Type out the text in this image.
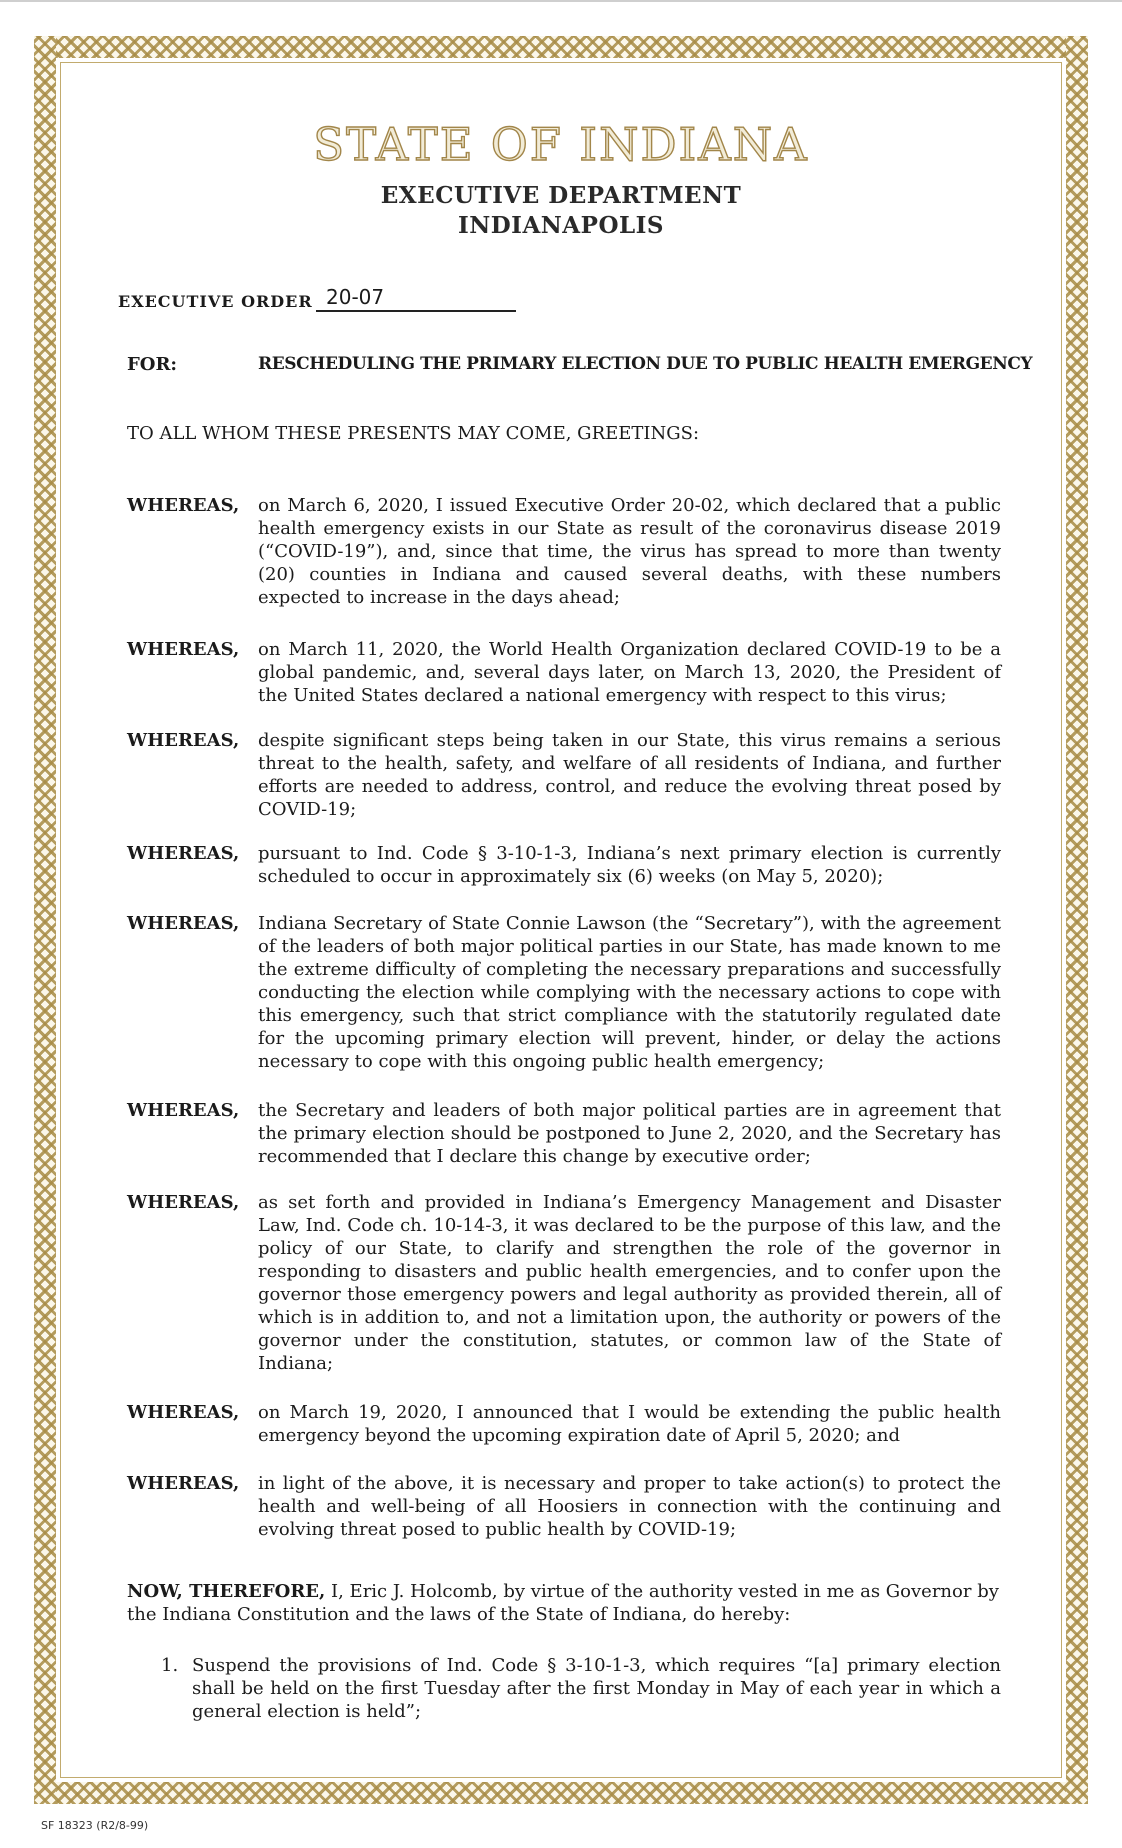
STATE OF INDIANA
EXECUTIVE DEPARTMENT
INDIANAPOLIS
EXECUTIVE ORDER 20-07
FOR:	RESCHEDULING THE PRIMARY ELECTION DUE TO PUBLIC HEALTH EMERGENCY
TO ALL WHOM THESE PRESENTS MAY COME, GREETINGS:
WHEREAS, on March 6, 2020, I issued Executive Order 20-02, which declared that a public health emergency exists in our State as result of the coronavirus disease 2019 (“COVID-19”), and, since that time, the virus has spread to more than twenty (20) counties in Indiana and caused several deaths, with these numbers expected to increase in the days ahead;
WHEREAS, on March 11, 2020, the World Health Organization declared COVID-19 to be a global pandemic, and, several days later, on March 13, 2020, the President of the United States declared a national emergency with respect to this virus;
WHEREAS, despite significant steps being taken in our State, this virus remains a serious threat to the health, safety, and welfare of all residents of Indiana, and further efforts are needed to address, control, and reduce the evolving threat posed by COVID-19;
WHEREAS, pursuant to Ind. Code § 3-10-1-3, Indiana’s next primary election is currently scheduled to occur in approximately six (6) weeks (on May 5, 2020);
WHEREAS, Indiana Secretary of State Connie Lawson (the “Secretary”), with the agreement of the leaders of both major political parties in our State, has made known to me the extreme difficulty of completing the necessary preparations and successfully conducting the election while complying with the necessary actions to cope with this emergency, such that strict compliance with the statutorily regulated date for the upcoming primary election will prevent, hinder, or delay the actions necessary to cope with this ongoing public health emergency;
WHEREAS, the Secretary and leaders of both major political parties are in agreement that the primary election should be postponed to June 2, 2020, and the Secretary has recommended that I declare this change by executive order;
WHEREAS, as set forth and provided in Indiana’s Emergency Management and Disaster Law, Ind. Code ch. 10-14-3, it was declared to be the purpose of this law, and the policy of our State, to clarify and strengthen the role of the governor in responding to disasters and public health emergencies, and to confer upon the governor those emergency powers and legal authority as provided therein, all of which is in addition to, and not a limitation upon, the authority or powers of the governor under the constitution, statutes, or common law of the State of Indiana;
WHEREAS, on March 19, 2020, I announced that I would be extending the public health emergency beyond the upcoming expiration date of April 5, 2020; and
WHEREAS, in light of the above, it is necessary and proper to take action(s) to protect the health and well-being of all Hoosiers in connection with the continuing and evolving threat posed to public health by COVID-19;
NOW, THEREFORE, I, Eric J. Holcomb, by virtue of the authority vested in me as Governor by the Indiana Constitution and the laws of the State of Indiana, do hereby:
1. Suspend the provisions of Ind. Code § 3-10-1-3, which requires “[a] primary election shall be held on the first Tuesday after the first Monday in May of each year in which a general election is held”;
SF 18323 (R2/8-99)
